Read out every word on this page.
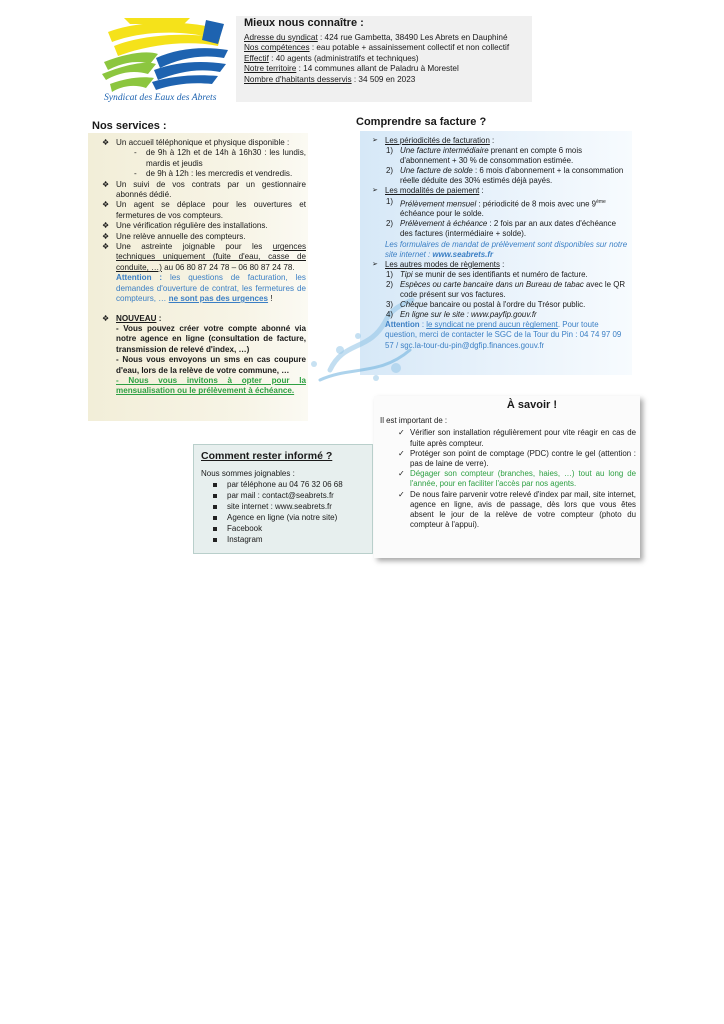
Syndicat des Eaux des Abrets
Mieux nous connaître :

Adresse du syndicat : 424 rue Gambetta, 38490 Les Abrets en Dauphiné

Nos compétences : eau potable + assainissement collectif et non collectif

Effectif : 40 agents (administratifs et techniques)

Notre territoire : 14 communes allant de Paladru à Morestel

Nombre d'habitants desservis : 34 509 en 2023

Nos services :
❖ Un accueil téléphonique et physique disponible :
- de 9h à 12h et de 14h à 16h30 : les lundis, mardis et jeudis
- de 9h à 12h : les mercredis et vendredis.
❖ Un suivi de vos contrats par un gestionnaire abonnés dédié.
❖ Un agent se déplace pour les ouvertures et fermetures de vos compteurs.
❖ Une vérification régulière des installations.
❖ Une relève annuelle des compteurs.
❖ Une astreinte joignable pour les urgences techniques uniquement (fuite d'eau, casse de conduite, …) au 06 80 87 24 78 – 06 80 87 24 78.
Attention : les questions de facturation, les demandes d'ouverture de contrat, les fermetures de compteurs, … ne sont pas des urgences !
❖ NOUVEAU :
- Vous pouvez créer votre compte abonné via notre agence en ligne (consultation de facture, transmission de relevé d'index, …)
- Nous vous envoyons un sms en cas coupure d'eau, lors de la relève de votre commune, …
- Nous vous invitons à opter pour la mensualisation ou le prélèvement à échéance.
Comprendre sa facture ?
➢ Les périodicités de facturation :
1) Une facture intermédiaire prenant en compte 6 mois d'abonnement + 30 % de consommation estimée.
2) Une facture de solde : 6 mois d'abonnement + la consommation réelle déduite des 30% estimés déjà payés.
➢ Les modalités de paiement :
1) Prélèvement mensuel : périodicité de 8 mois avec une 9ème échéance pour le solde.
2) Prélèvement à échéance : 2 fois par an aux dates d'échéance des factures (intermédiaire + solde).
Les formulaires de mandat de prélèvement sont disponibles sur notre site internet : www.seabrets.fr
➢ Les autres modes de règlements :
1) Tipi se munir de ses identifiants et numéro de facture.
2) Espèces ou carte bancaire dans un Bureau de tabac avec le QR code présent sur vos factures.
3) Chèque bancaire ou postal à l'ordre du Trésor public.
4) En ligne sur le site : www.payfip.gouv.fr
Attention : le syndicat ne prend aucun règlement. Pour toute question, merci de contacter le SGC de la Tour du Pin : 04 74 97 09 57 / sgc.la-tour-du-pin@dgfip.finances.gouv.fr
À savoir !
Il est important de :
✓ Vérifier son installation régulièrement pour vite réagir en cas de fuite après compteur.
✓ Protéger son point de comptage (PDC) contre le gel (attention : pas de laine de verre).
✓ Dégager son compteur (branches, haies, …) tout au long de l'année, pour en faciliter l'accès par nos agents.
✓ De nous faire parvenir votre relevé d'index par mail, site internet, agence en ligne, avis de passage, dès lors que vous êtes absent le jour de la relève de votre compteur (photo du compteur à l'appui).
Comment rester informé ?
Nous sommes joignables :
par téléphone au 04 76 32 06 68
par mail : contact@seabrets.fr
site internet : www.seabrets.fr
Agence en ligne (via notre site)
Facebook
Instagram
